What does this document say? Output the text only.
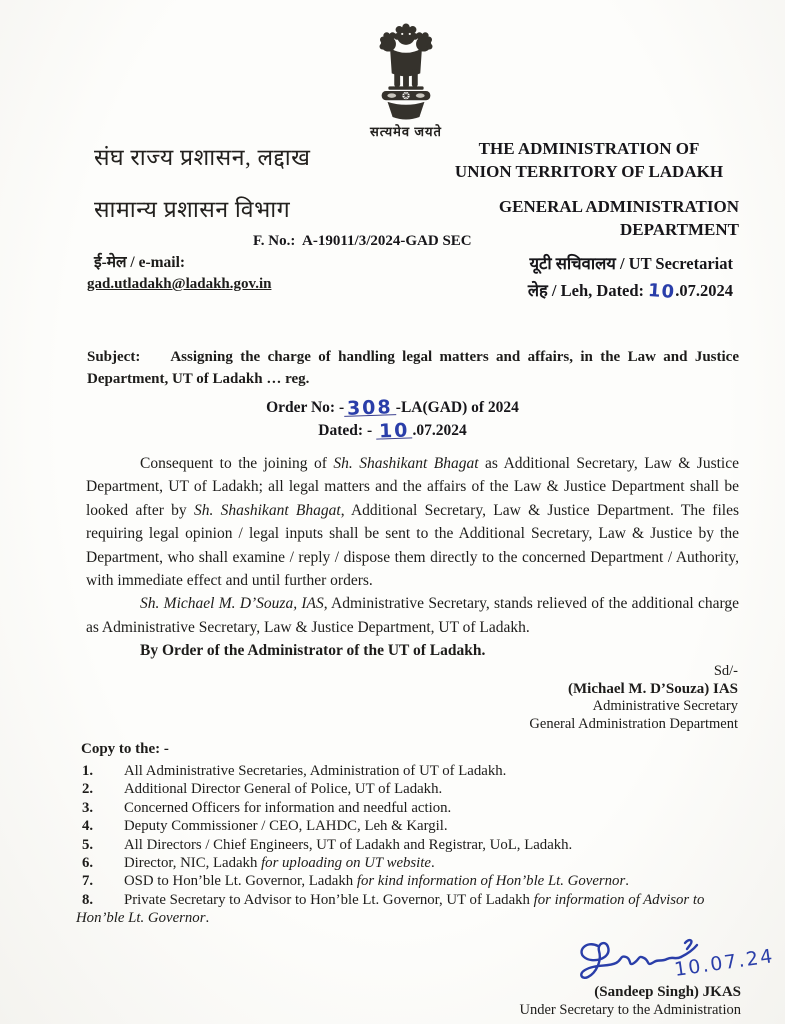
सत्यमेव जयते
संघ राज्य प्रशासन, लद्दाख
सामान्य प्रशासन विभाग
THE ADMINISTRATION OF
UNION TERRITORY OF LADAKH
GENERAL ADMINISTRATION
DEPARTMENT
F. No.:  A-19011/3/2024-GAD SEC
ई-मेल / e-mail:
gad.utladakh@ladakh.gov.in
यूटी सचिवालय / UT Secretariat
लेह / Leh, Dated: 10.07.2024
Subject: Assigning the charge of handling legal matters and affairs, in the Law and Justice Department, UT of Ladakh … reg.
Order No: - 308 -LA(GAD) of 2024
Dated: - 10 .07.2024

Consequent to the joining of Sh. Shashikant Bhagat as Additional Secretary, Law & Justice Department, UT of Ladakh; all legal matters and the affairs of the Law & Justice Department shall be looked after by Sh. Shashikant Bhagat, Additional Secretary, Law & Justice Department. The files requiring legal opinion / legal inputs shall be sent to the Additional Secretary, Law & Justice by the Department, who shall examine / reply / dispose them directly to the concerned Department / Authority, with immediate effect and until further orders.

Sh. Michael M. D’Souza, IAS, Administrative Secretary, stands relieved of the additional charge as Administrative Secretary, Law & Justice Department, UT of Ladakh.

By Order of the Administrator of the UT of Ladakh.

Sd/-
(Michael M. D’Souza) IAS
Administrative Secretary
General Administration Department
Copy to the: -
1. All Administrative Secretaries, Administration of UT of Ladakh.
2. Additional Director General of Police, UT of Ladakh.
3. Concerned Officers for information and needful action.
4. Deputy Commissioner / CEO, LAHDC, Leh & Kargil.
5. All Directors / Chief Engineers, UT of Ladakh and Registrar, UoL, Ladakh.
6. Director, NIC, Ladakh for uploading on UT website.
7. OSD to Hon’ble Lt. Governor, Ladakh for kind information of Hon’ble Lt. Governor.
8. Private Secretary to Advisor to Hon’ble Lt. Governor, UT of Ladakh for information of Advisor to Hon’ble Lt. Governor.
10.07.24
(Sandeep Singh) JKAS
Under Secretary to the Administration
